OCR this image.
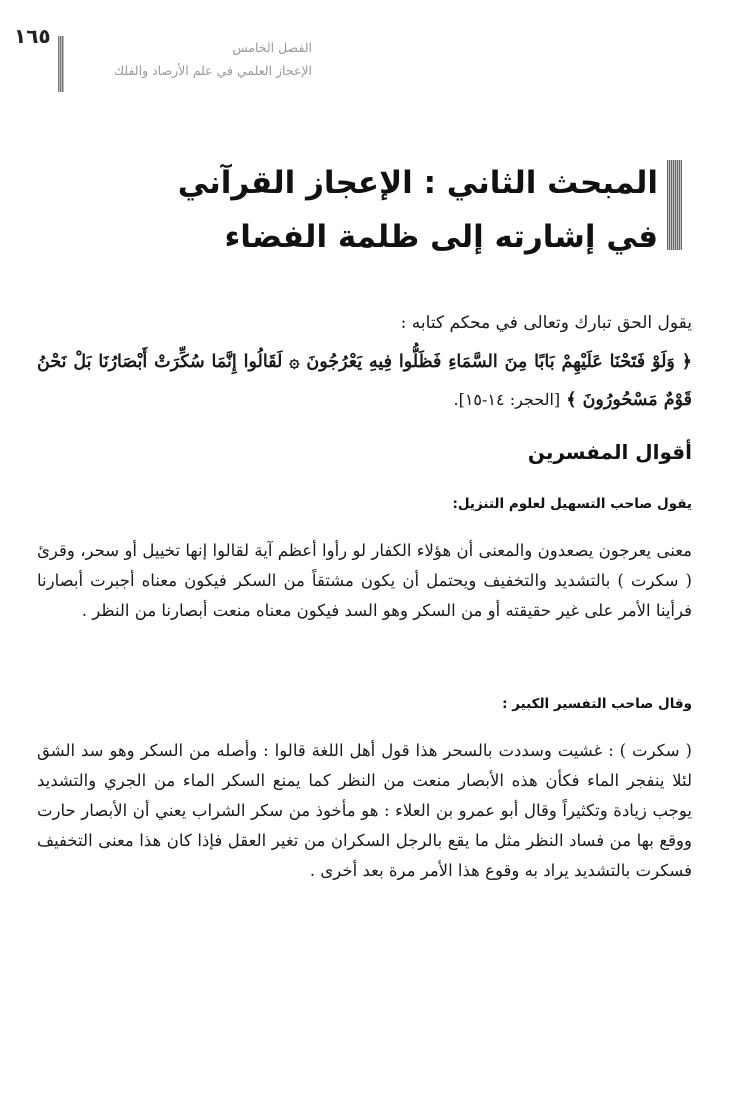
١٦٥	الفصل الخامس
الإعجاز العلمي في علم الأرصاد والفلك
المبحث الثاني : الإعجاز القرآني
في إشارته إلى ظلمة الفضاء
يقول الحق تبارك وتعالى في محكم كتابه :
﴿ وَلَوْ فَتَحْنَا عَلَيْهِمْ بَابًا مِنَ السَّمَاءِ فَظَلُّوا فِيهِ يَعْرُجُونَ ۞ لَقَالُوا إِنَّمَا سُكِّرَتْ أَبْصَارُنَا بَلْ نَحْنُ قَوْمٌ مَسْحُورُونَ ﴾ [الحجر: ١٤-١٥].
أقوال المفسرين
يقول صاحب التسهيل لعلوم التنزيل:
معنى يعرجون يصعدون والمعنى أن هؤلاء الكفار لو رأوا أعظم آية لقالوا إنها تخييل أو سحر، وقرئ ( سكرت ) بالتشديد والتخفيف ويحتمل أن يكون مشتقاً من السكر فيكون معناه أجبرت أبصارنا فرأينا الأمر على غير حقيقته أو من السكر وهو السد فيكون معناه منعت أبصارنا من النظر .
وقال صاحب التفسير الكبير :
( سكرت ) : غشيت وسددت بالسحر هذا قول أهل اللغة قالوا : وأصله من السكر وهو سد الشق لئلا ينفجر الماء فكأن هذه الأبصار منعت من النظر كما يمنع السكر الماء من الجري والتشديد يوجب زيادة وتكثيراً وقال أبو عمرو بن العلاء : هو مأخوذ من سكر الشراب يعني أن الأبصار حارت ووقع بها من فساد النظر مثل ما يقع بالرجل السكران من تغير العقل فإذا كان هذا معنى التخفيف فسكرت بالتشديد يراد به وقوع هذا الأمر مرة بعد أخرى .
